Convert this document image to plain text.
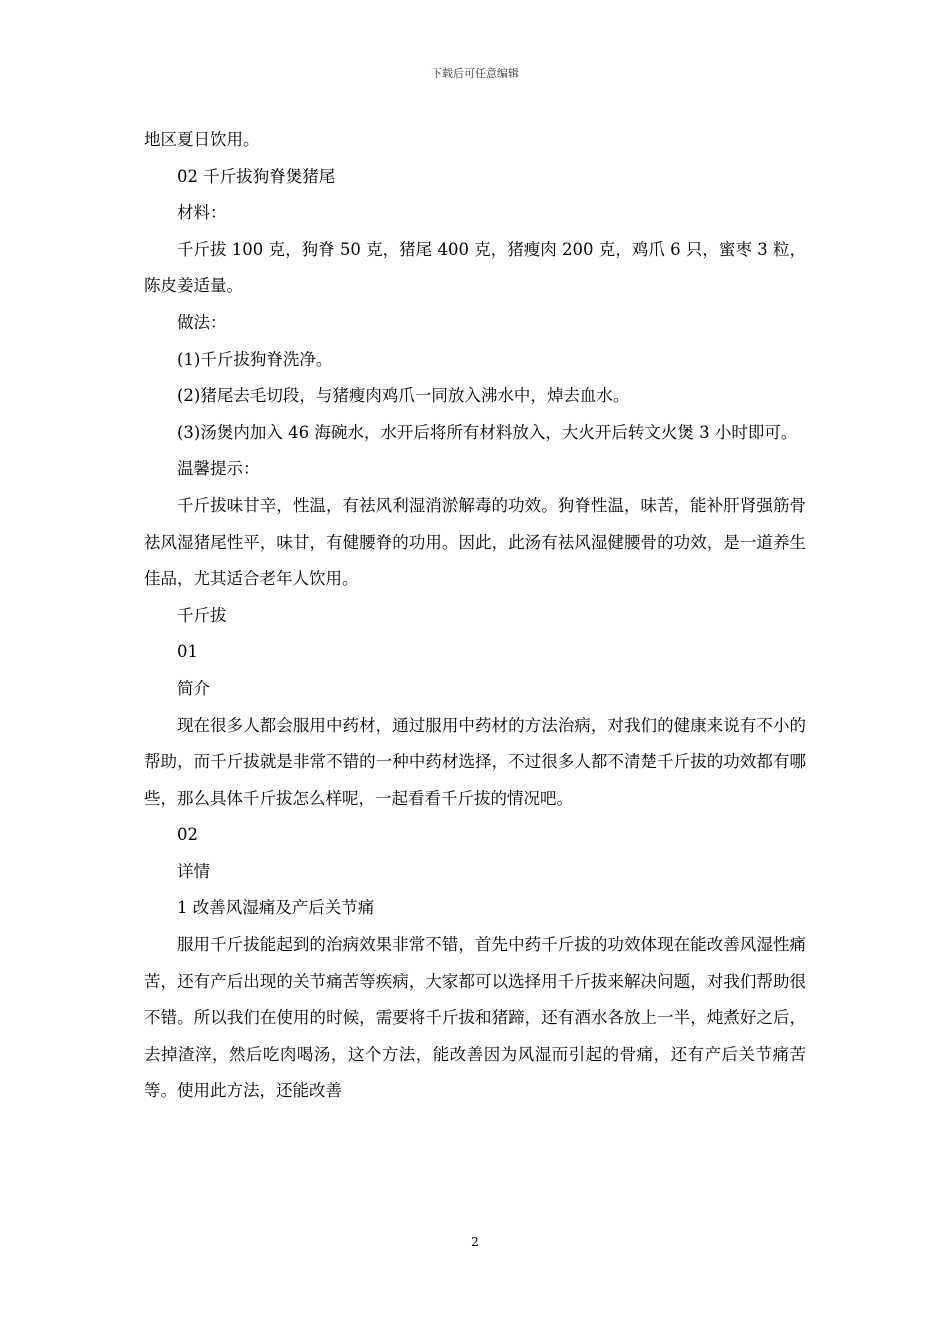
下载后可任意编辑

地区夏日饮用。

02 千斤拔狗脊煲猪尾

材料：

千斤拔 100 克，狗脊 50 克，猪尾 400 克，猪瘦肉 200 克，鸡爪 6 只，蜜枣 3 粒，陈皮姜适量。

做法：

(1)千斤拔狗脊洗净。

(2)猪尾去毛切段，与猪瘦肉鸡爪一同放入沸水中，焯去血水。

(3)汤煲内加入 46 海碗水，水开后将所有材料放入，大火开后转文火煲 3 小时即可。

温馨提示：

千斤拔味甘辛，性温，有祛风利湿消淤解毒的功效。狗脊性温，味苦，能补肝肾强筋骨祛风湿猪尾性平，味甘，有健腰脊的功用。因此，此汤有祛风湿健腰骨的功效，是一道养生佳品，尤其适合老年人饮用。

千斤拔

01

简介

现在很多人都会服用中药材，通过服用中药材的方法治病，对我们的健康来说有不小的帮助，而千斤拔就是非常不错的一种中药材选择，不过很多人都不清楚千斤拔的功效都有哪些，那么具体千斤拔怎么样呢，一起看看千斤拔的情况吧。

02

详情

1 改善风湿痛及产后关节痛

服用千斤拔能起到的治病效果非常不错，首先中药千斤拔的功效体现在能改善风湿性痛苦，还有产后出现的关节痛苦等疾病，大家都可以选择用千斤拔来解决问题，对我们帮助很不错。所以我们在使用的时候，需要将千斤拔和猪蹄，还有酒水各放上一半，炖煮好之后，去掉渣滓，然后吃肉喝汤，这个方法，能改善因为风湿而引起的骨痛，还有产后关节痛苦等。使用此方法，还能改善

2
